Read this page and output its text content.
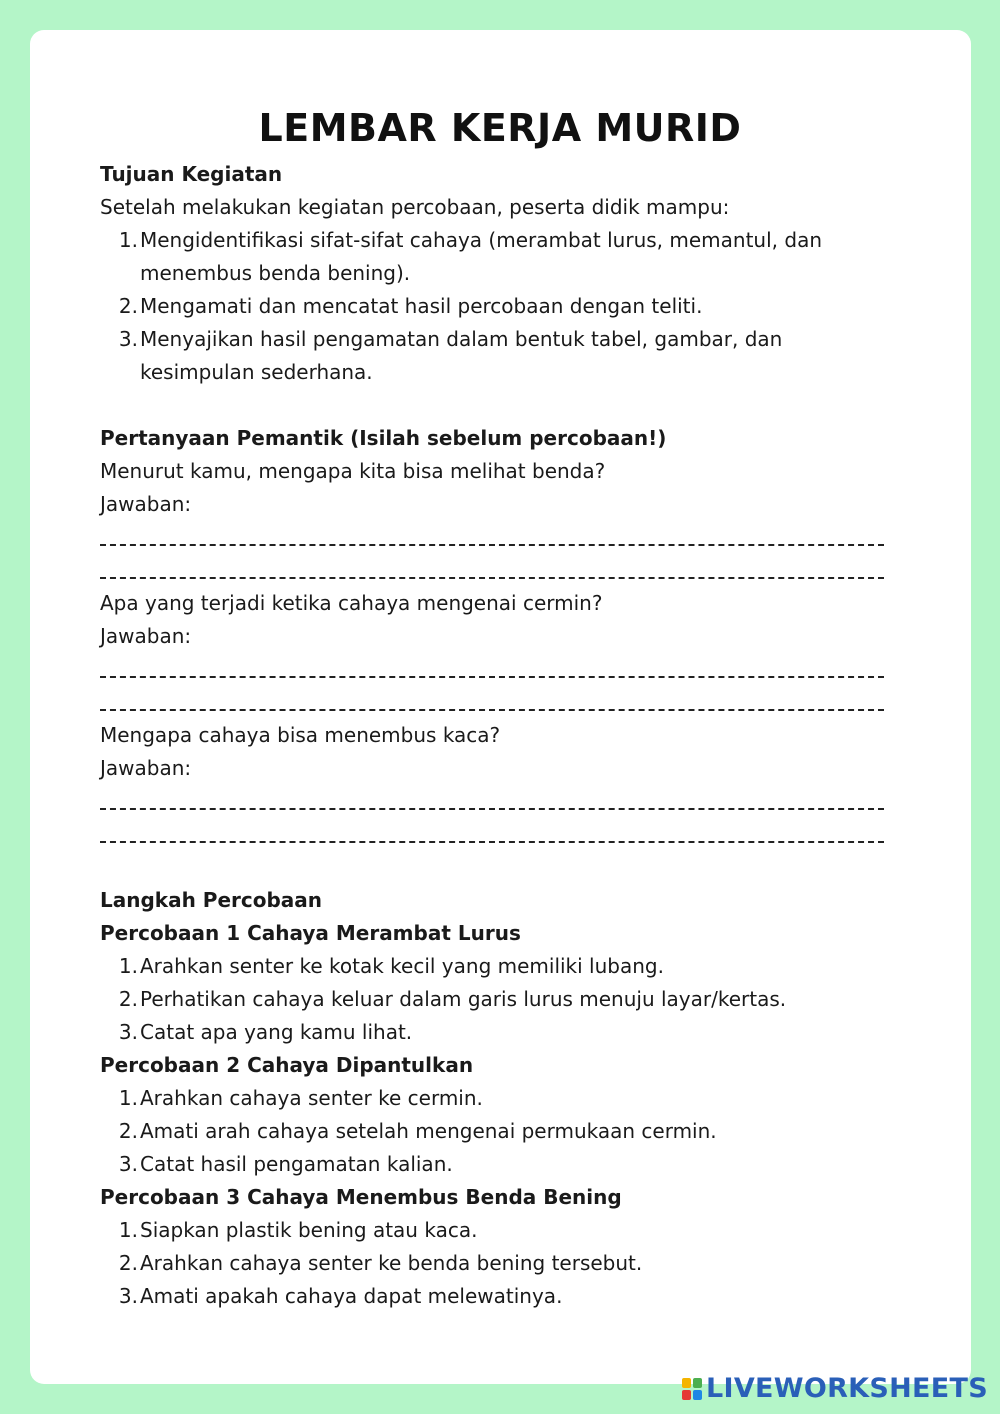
LEMBAR KERJA MURID
Tujuan Kegiatan
Setelah melakukan kegiatan percobaan, peserta didik mampu:
1. Mengidentifikasi sifat-sifat cahaya (merambat lurus, memantul, dan menembus benda bening).
2. Mengamati dan mencatat hasil percobaan dengan teliti.
3. Menyajikan hasil pengamatan dalam bentuk tabel, gambar, dan kesimpulan sederhana.
Pertanyaan Pemantik (Isilah sebelum percobaan!)
Menurut kamu, mengapa kita bisa melihat benda?
Jawaban:
Apa yang terjadi ketika cahaya mengenai cermin?
Jawaban:
Mengapa cahaya bisa menembus kaca?
Jawaban:
Langkah Percobaan
Percobaan 1 Cahaya Merambat Lurus
1. Arahkan senter ke kotak kecil yang memiliki lubang.
2. Perhatikan cahaya keluar dalam garis lurus menuju layar/kertas.
3. Catat apa yang kamu lihat.
Percobaan 2 Cahaya Dipantulkan
1. Arahkan cahaya senter ke cermin.
2. Amati arah cahaya setelah mengenai permukaan cermin.
3. Catat hasil pengamatan kalian.
Percobaan 3 Cahaya Menembus Benda Bening
1. Siapkan plastik bening atau kaca.
2. Arahkan cahaya senter ke benda bening tersebut.
3. Amati apakah cahaya dapat melewatinya.
LIVEWORKSHEETS
